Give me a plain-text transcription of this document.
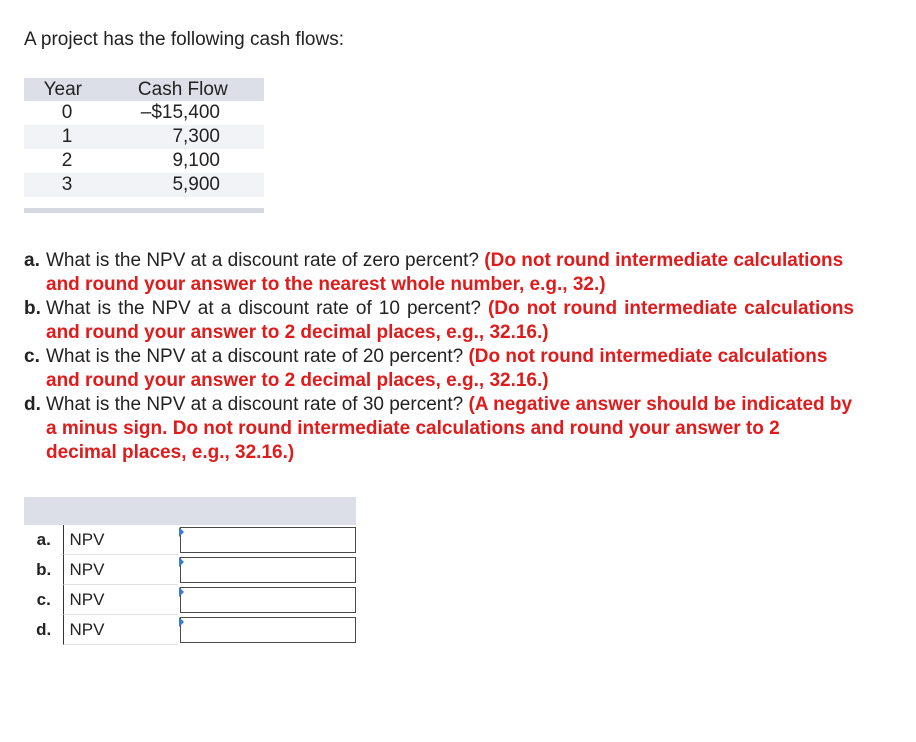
A project has the following cash flows:
Year	Cash Flow
0	–$15,400
1	7,300
2	9,100
3	5,900
a. What is the NPV at a discount rate of zero percent? (Do not round intermediate calculations and round your answer to the nearest whole number, e.g., 32.)
b. What is the NPV at a discount rate of 10 percent? (Do not round intermediate calculations and round your answer to 2 decimal places, e.g., 32.16.)
c. What is the NPV at a discount rate of 20 percent? (Do not round intermediate calculations and round your answer to 2 decimal places, e.g., 32.16.)
d. What is the NPV at a discount rate of 30 percent? (A negative answer should be indicated by a minus sign. Do not round intermediate calculations and round your answer to 2 decimal places, e.g., 32.16.)
a.	NPV
b.	NPV
c.	NPV
d.	NPV
